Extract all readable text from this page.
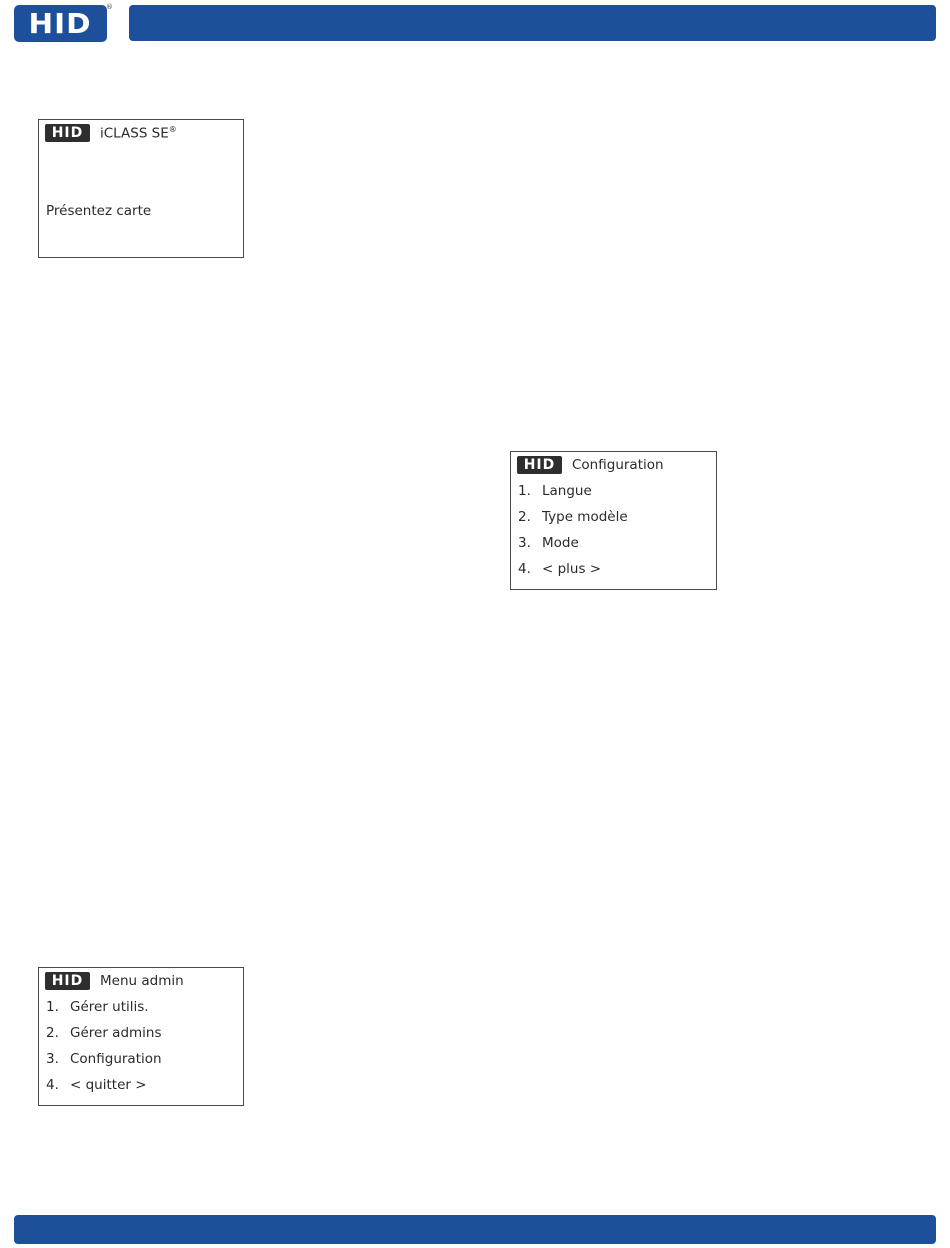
HID ®
HID iCLASS SE®
Présentez carte
HID Configuration
1. Langue
2. Type modèle
3. Mode
4. < plus >
HID Menu admin
1. Gérer utilis.
2. Gérer admins
3. Configuration
4. < quitter >
